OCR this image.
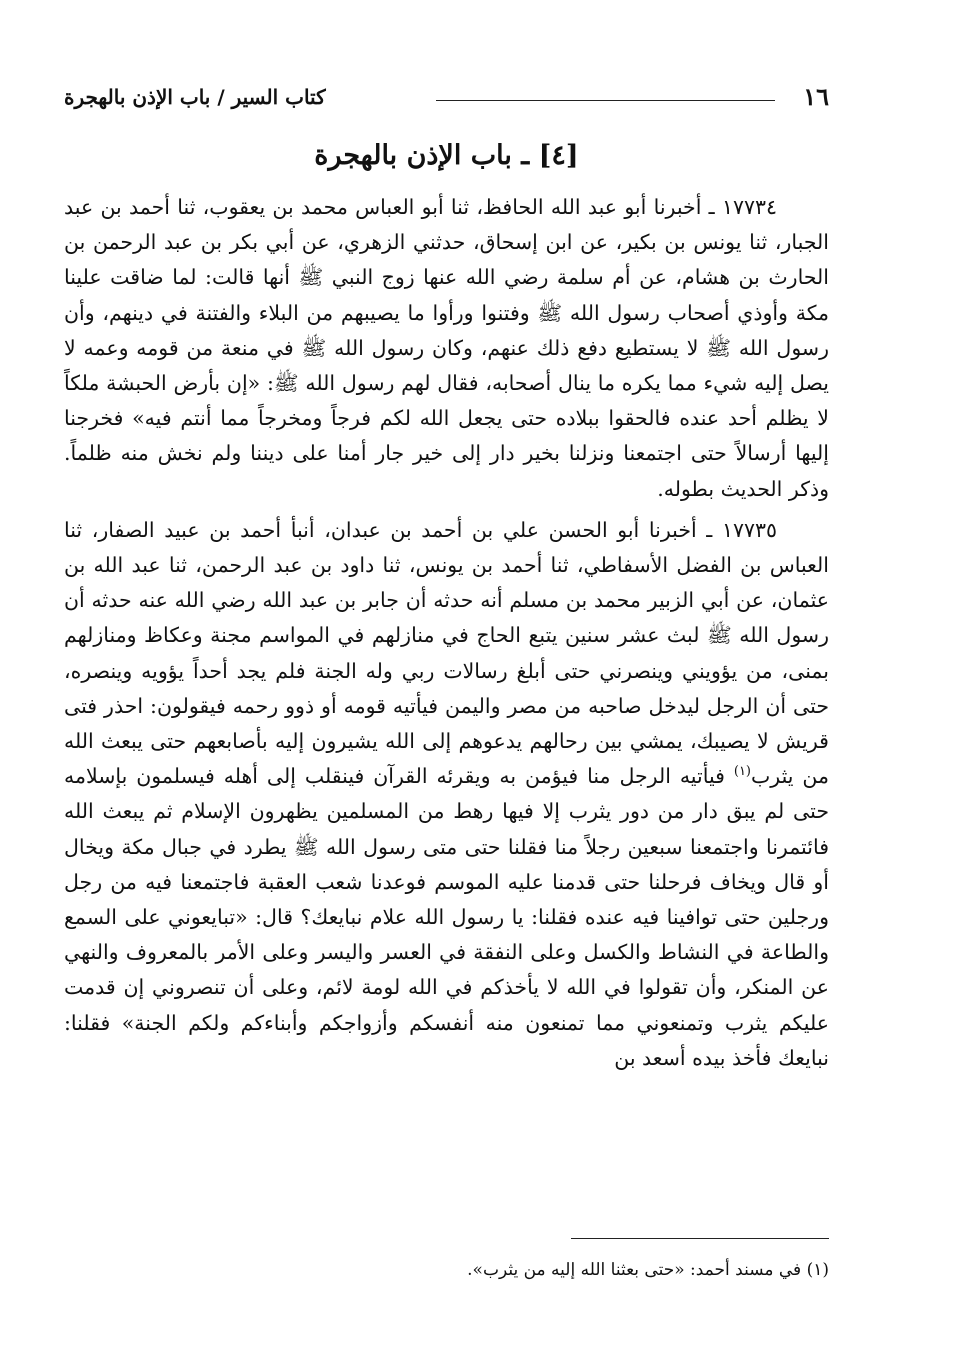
١٦
كتاب السير / باب الإذن بالهجرة
[٤] ـ باب الإذن بالهجرة

١٧٧٣٤ ـ أخبرنا أبو عبد الله الحافظ، ثنا أبو العباس محمد بن يعقوب، ثنا أحمد بن عبد الجبار، ثنا يونس بن بكير، عن ابن إسحاق، حدثني الزهري، عن أبي بكر بن عبد الرحمن بن الحارث بن هشام، عن أم سلمة رضي الله عنها زوج النبي ﷺ أنها قالت: لما ضاقت علينا مكة وأوذي أصحاب رسول الله ﷺ وفتنوا ورأوا ما يصيبهم من البلاء والفتنة في دينهم، وأن رسول الله ﷺ لا يستطيع دفع ذلك عنهم، وكان رسول الله ﷺ في منعة من قومه وعمه لا يصل إليه شيء مما يكره ما ينال أصحابه، فقال لهم رسول الله ﷺ: «إن بأرض الحبشة ملكاً لا يظلم أحد عنده فالحقوا ببلاده حتى يجعل الله لكم فرجاً ومخرجاً مما أنتم فيه» فخرجنا إليها أرسالاً حتى اجتمعنا ونزلنا بخير دار إلى خير جار أمنا على ديننا ولم نخش منه ظلماً. وذكر الحديث بطوله.

١٧٧٣٥ ـ أخبرنا أبو الحسن علي بن أحمد بن عبدان، أنبأ أحمد بن عبيد الصفار، ثنا العباس بن الفضل الأسفاطي، ثنا أحمد بن يونس، ثنا داود بن عبد الرحمن، ثنا عبد الله بن عثمان، عن أبي الزبير محمد بن مسلم أنه حدثه أن جابر بن عبد الله رضي الله عنه حدثه أن رسول الله ﷺ لبث عشر سنين يتبع الحاج في منازلهم في المواسم مجنة وعكاظ ومنازلهم بمنى، من يؤويني وينصرني حتى أبلغ رسالات ربي وله الجنة فلم يجد أحداً يؤويه وينصره، حتى أن الرجل ليدخل صاحبه من مصر واليمن فيأتيه قومه أو ذوو رحمه فيقولون: احذر فتى قريش لا يصيبك، يمشي بين رحالهم يدعوهم إلى الله يشيرون إليه بأصابعهم حتى يبعث الله من يثرب$^{(١)}$ فيأتيه الرجل منا فيؤمن به ويقرئه القرآن فينقلب إلى أهله فيسلمون بإسلامه حتى لم يبق دار من دور يثرب إلا فيها رهط من المسلمين يظهرون الإسلام ثم يبعث الله فائتمرنا واجتمعنا سبعين رجلاً منا فقلنا حتى متى رسول الله ﷺ يطرد في جبال مكة ويخال أو قال ويخاف فرحلنا حتى قدمنا عليه الموسم فوعدنا شعب العقبة فاجتمعنا فيه من رجل ورجلين حتى توافينا فيه عنده فقلنا: يا رسول الله علام نبايعك؟ قال: «تبايعوني على السمع والطاعة في النشاط والكسل وعلى النفقة في العسر واليسر وعلى الأمر بالمعروف والنهي عن المنكر، وأن تقولوا في الله لا يأخذكم في الله لومة لائم، وعلى أن تنصروني إن قدمت عليكم يثرب وتمنعوني مما تمنعون منه أنفسكم وأزواجكم وأبناءكم ولكم الجنة» فقلنا: نبايعك فأخذ بيده أسعد بن

(١) في مسند أحمد: «حتى بعثنا الله إليه من يثرب».
